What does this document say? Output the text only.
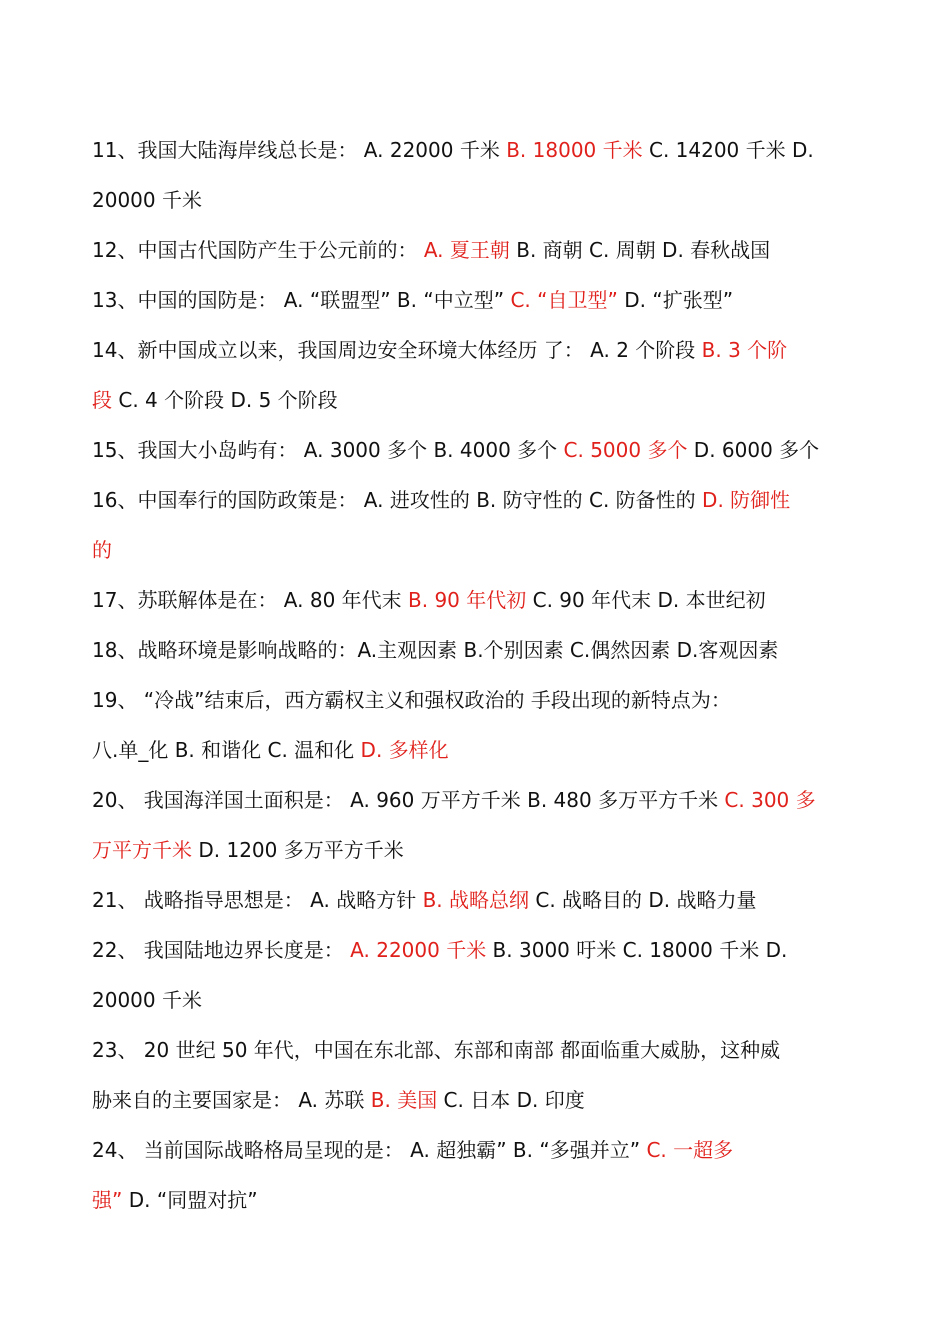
11、我国大陆海岸线总长是： A. 22000 千米 B. 18000 千米 C. 14200 千米 D.
20000 千米
12、中国古代国防产生于公元前的： A. 夏王朝 B. 商朝 C. 周朝 D. 春秋战国
13、中国的国防是： A. “联盟型” B. “中立型” C. “自卫型” D. “扩张型”
14、新中国成立以来，我国周边安全环境大体经历 了： A. 2 个阶段 B. 3 个阶
段 C. 4 个阶段 D. 5 个阶段
15、我国大小岛屿有： A. 3000 多个 B. 4000 多个 C. 5000 多个 D. 6000 多个
16、中国奉行的国防政策是： A. 进攻性的 B. 防守性的 C. 防备性的 D. 防御性
的
17、苏联解体是在： A. 80 年代末 B. 90 年代初 C. 90 年代末 D. 本世纪初
18、战略环境是影响战略的：A.主观因素 B.个别因素 C.偶然因素 D.客观因素
19、 “冷战”结束后，西方霸权主义和强权政治的 手段出现的新特点为：
八.单_化 B. 和谐化 C. 温和化 D. 多样化
20、 我国海洋国土面积是： A. 960 万平方千米 B. 480 多万平方千米 C. 300 多
万平方千米 D. 1200 多万平方千米
21、 战略指导思想是： A. 战略方针 B. 战略总纲 C. 战略目的 D. 战略力量
22、 我国陆地边界长度是： A. 22000 千米 B. 3000 吁米 C. 18000 千米 D.
20000 千米
23、 20 世纪 50 年代，中国在东北部、东部和南部 都面临重大威胁，这种威
胁来自的主要国家是： A. 苏联 B. 美国 C. 日本 D. 印度
24、 当前国际战略格局呈现的是： A. 超独霸” B. “多强并立” C. 一超多
强” D. “同盟对抗”
